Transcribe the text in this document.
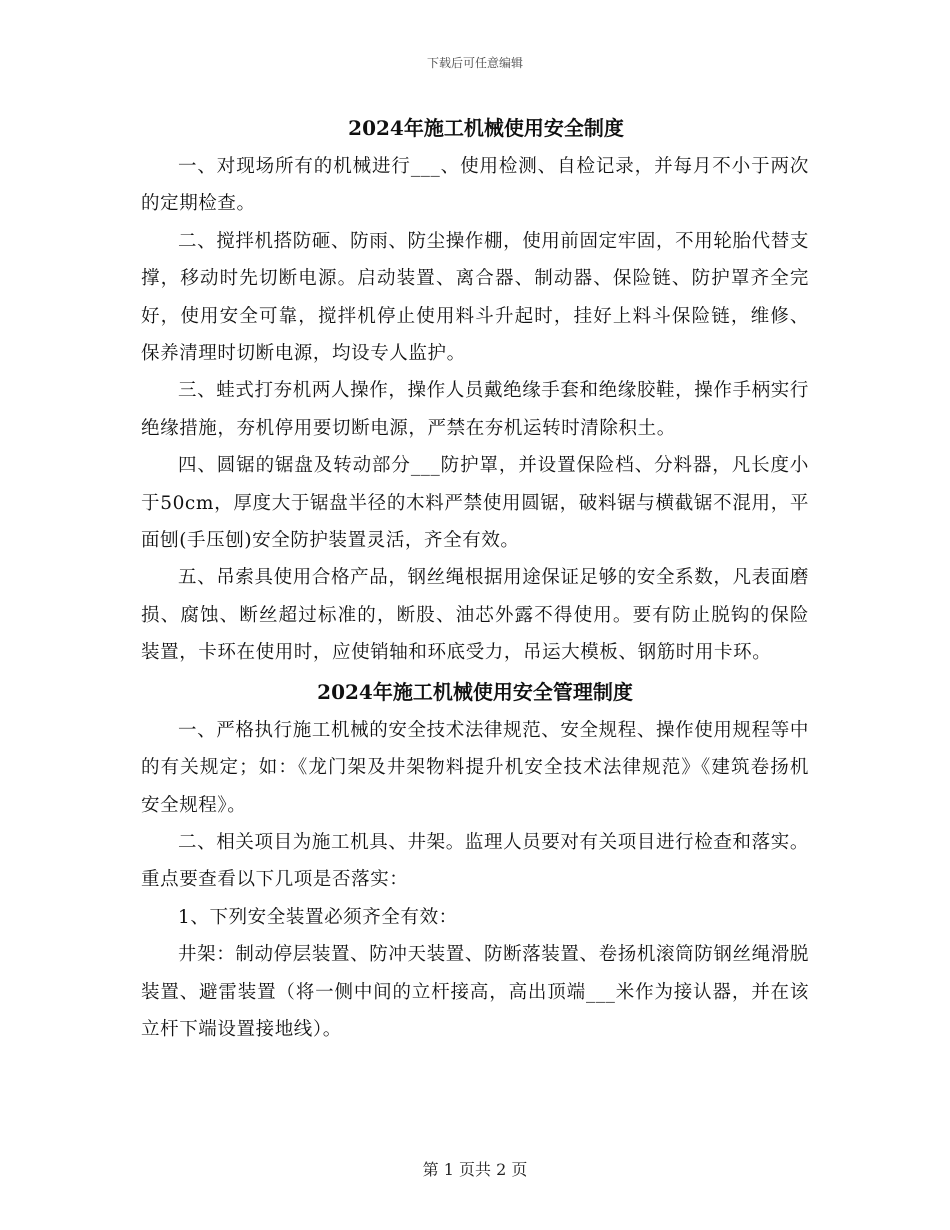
下载后可任意编辑
2024年施工机械使用安全制度

一、对现场所有的机械进行___、使用检测、自检记录，并每月不小于两次的定期检查。

二、搅拌机搭防砸、防雨、防尘操作棚，使用前固定牢固，不用轮胎代替支撑，移动时先切断电源。启动装置、离合器、制动器、保险链、防护罩齐全完好，使用安全可靠，搅拌机停止使用料斗升起时，挂好上料斗保险链，维修、保养清理时切断电源，均设专人监护。

三、蛙式打夯机两人操作，操作人员戴绝缘手套和绝缘胶鞋，操作手柄实行绝缘措施，夯机停用要切断电源，严禁在夯机运转时清除积土。

四、圆锯的锯盘及转动部分___防护罩，并设置保险档、分料器，凡长度小于50cm，厚度大于锯盘半径的木料严禁使用圆锯，破料锯与横截锯不混用，平面刨(手压刨)安全防护装置灵活，齐全有效。

五、吊索具使用合格产品，钢丝绳根据用途保证足够的安全系数，凡表面磨损、腐蚀、断丝超过标准的，断股、油芯外露不得使用。要有防止脱钩的保险装置，卡环在使用时，应使销轴和环底受力，吊运大模板、钢筋时用卡环。

2024年施工机械使用安全管理制度

一、严格执行施工机械的安全技术法律规范、安全规程、操作使用规程等中的有关规定；如：《龙门架及井架物料提升机安全技术法律规范》《建筑卷扬机安全规程》。

二、相关项目为施工机具、井架。监理人员要对有关项目进行检查和落实。重点要查看以下几项是否落实：

1、下列安全装置必须齐全有效：

井架：制动停层装置、防冲天装置、防断落装置、卷扬机滚筒防钢丝绳滑脱装置、避雷装置（将一侧中间的立杆接高，高出顶端___米作为接认器，并在该立杆下端设置接地线）。

第 1 页共 2 页
